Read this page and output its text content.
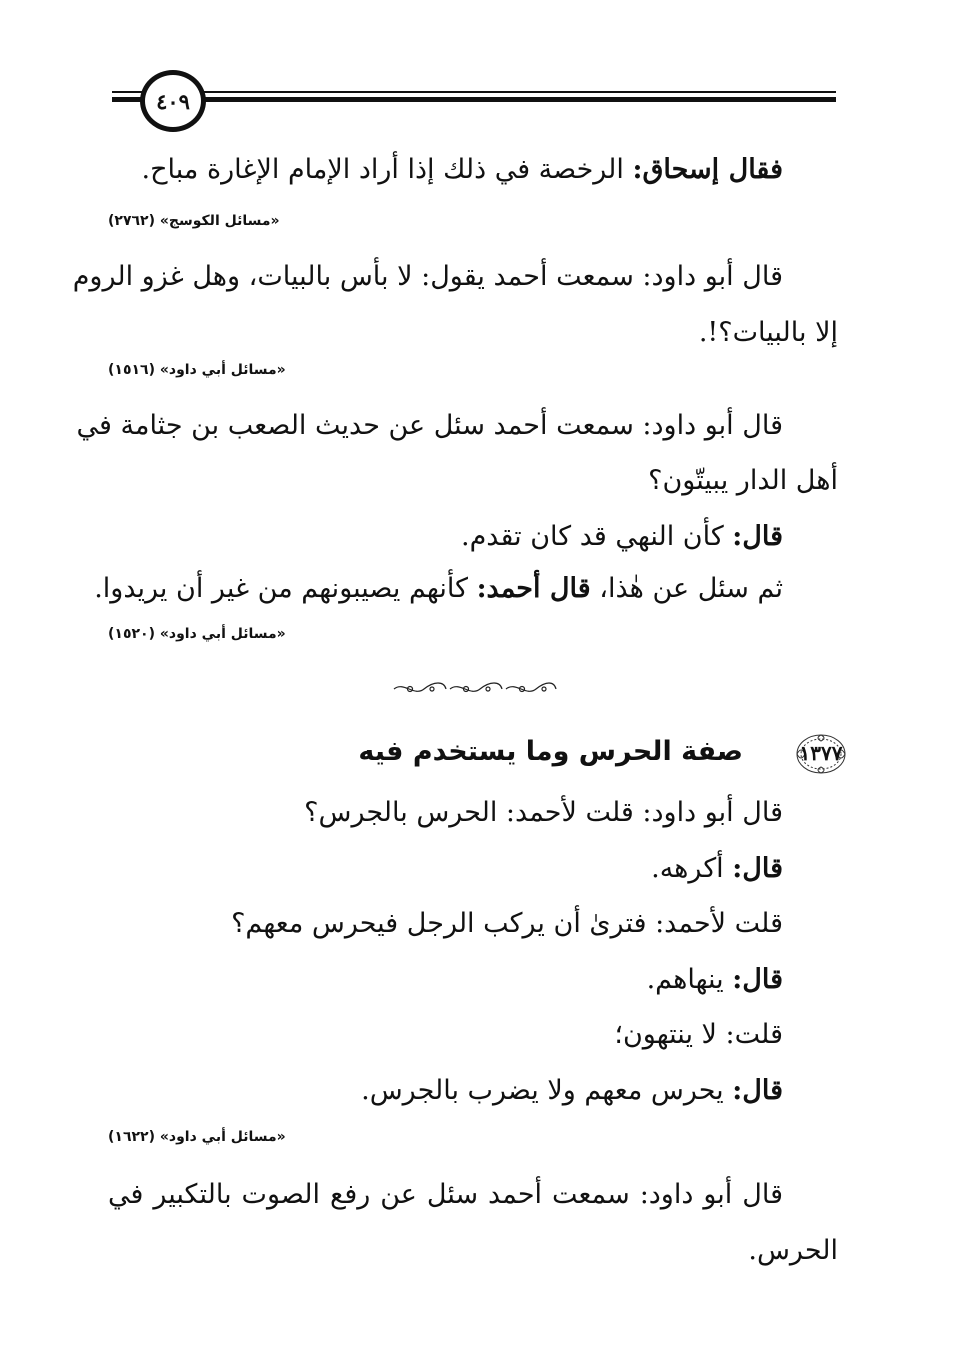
٤٠٩
فقال إسحاق: الرخصة في ذلك إذا أراد الإمام الإغارة مباح.
«مسائل الكوسج» (٢٧٦٢)
قال أبو داود: سمعت أحمد يقول: لا بأس بالبيات، وهل غزو الروم
إلا بالبيات؟!.
«مسائل أبي داود» (١٥١٦)
قال أبو داود: سمعت أحمد سئل عن حديث الصعب بن جثامة في
أهل الدار يبيتّون؟
قال: كأن النهي قد كان تقدم.
ثم سئل عن هٰذا، قال أحمد: كأنهم يصيبونهم من غير أن يريدوا.
«مسائل أبي داود» (١٥٢٠)
١٣٧٧
صفة الحرس وما يستخدم فيه
قال أبو داود: قلت لأحمد: الحرس بالجرس؟
قال: أكرهه.
قلت لأحمد: فترىٰ أن يركب الرجل فيحرس معهم؟
قال: ينهاهم.
قلت: لا ينتهون؛
قال: يحرس معهم ولا يضرب بالجرس.
«مسائل أبي داود» (١٦٢٢)
قال أبو داود: سمعت أحمد سئل عن رفع الصوت بالتكبير في
الحرس.
